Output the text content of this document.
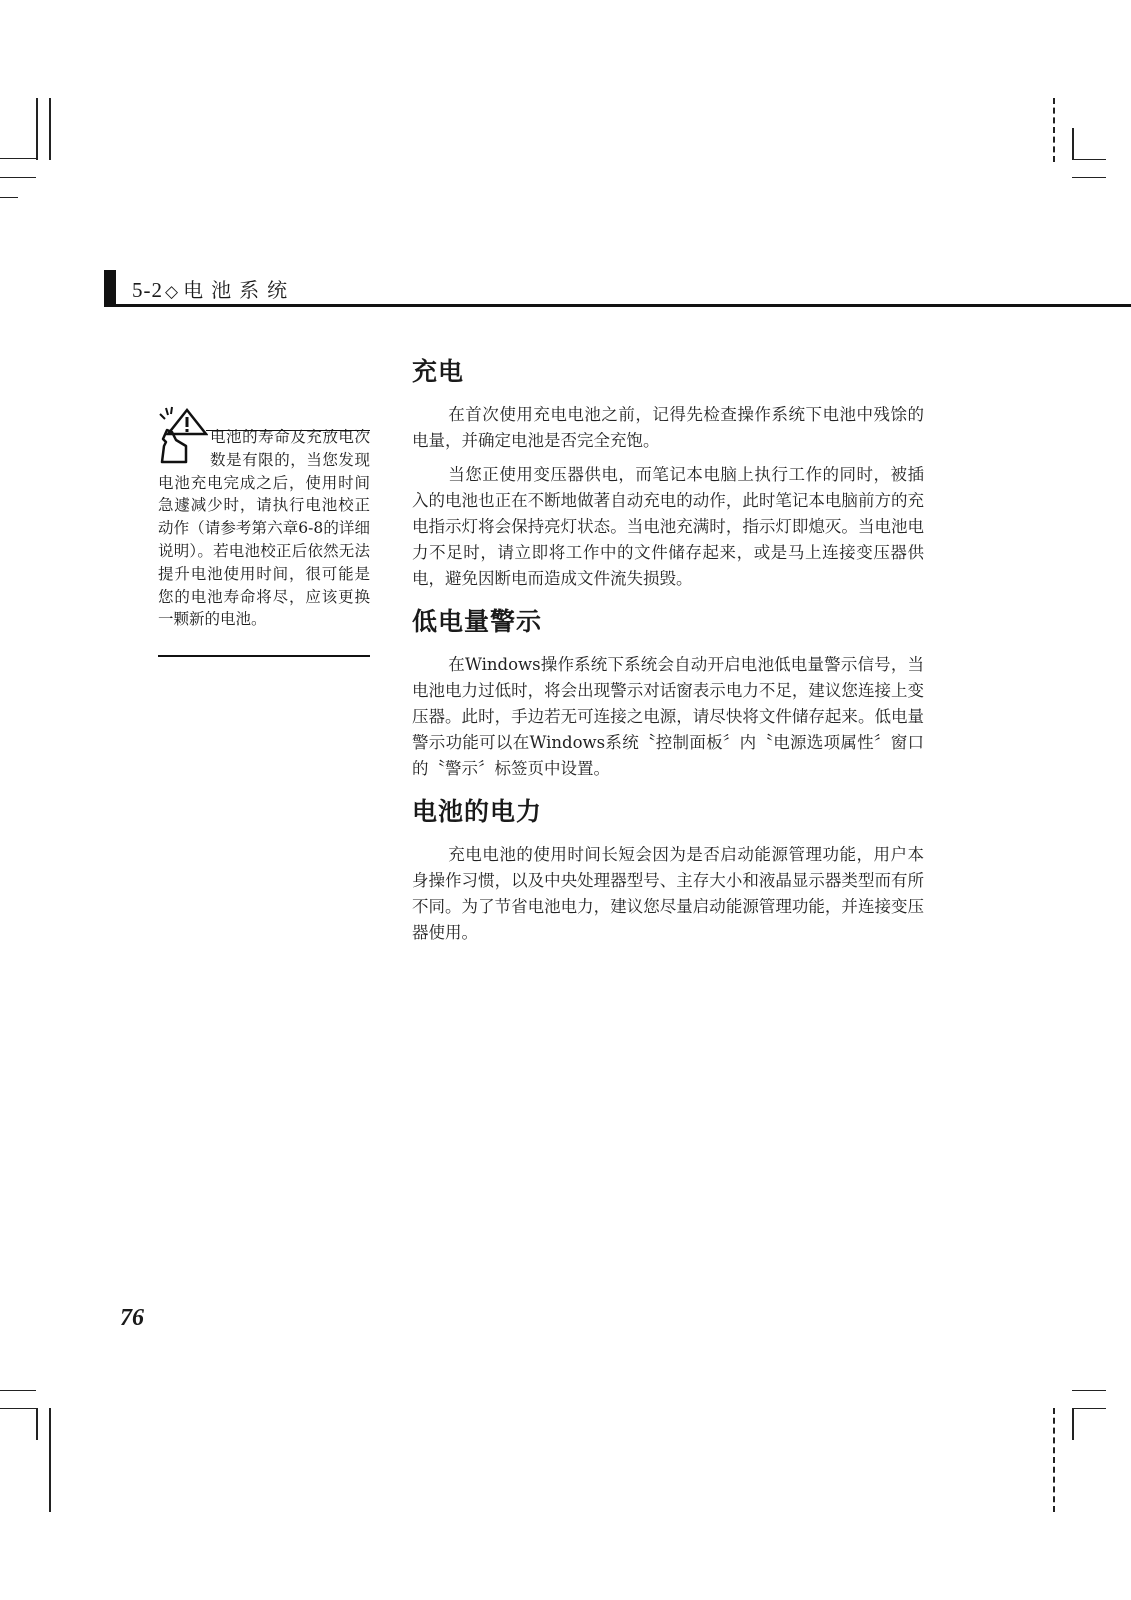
5-2 ◇ 电池系统
电池的寿命及充放电次数是有限的，当您发现电池充电完成之后，使用时间急遽减少时，请执行电池校正动作（请参考第六章6-8的详细说明）。若电池校正后依然无法提升电池使用时间，很可能是您的电池寿命将尽，应该更换一颗新的电池。
充电

在首次使用充电电池之前，记得先检查操作系统下电池中残馀的电量，并确定电池是否完全充饱。

当您正使用变压器供电，而笔记本电脑上执行工作的同时，被插入的电池也正在不断地做著自动充电的动作，此时笔记本电脑前方的充电指示灯将会保持亮灯状态。当电池充满时，指示灯即熄灭。当电池电力不足时，请立即将工作中的文件储存起来，或是马上连接变压器供电，避免因断电而造成文件流失损毁。

低电量警示

在Windows操作系统下系统会自动开启电池低电量警示信号，当电池电力过低时，将会出现警示对话窗表示电力不足，建议您连接上变压器。此时，手边若无可连接之电源，请尽快将文件储存起来。低电量警示功能可以在Windows系统〝控制面板〞内〝电源选项属性〞窗口的〝警示〞标签页中设置。

电池的电力

充电电池的使用时间长短会因为是否启动能源管理功能，用户本身操作习惯，以及中央处理器型号、主存大小和液晶显示器类型而有所不同。为了节省电池电力，建议您尽量启动能源管理功能，并连接变压器使用。

76
